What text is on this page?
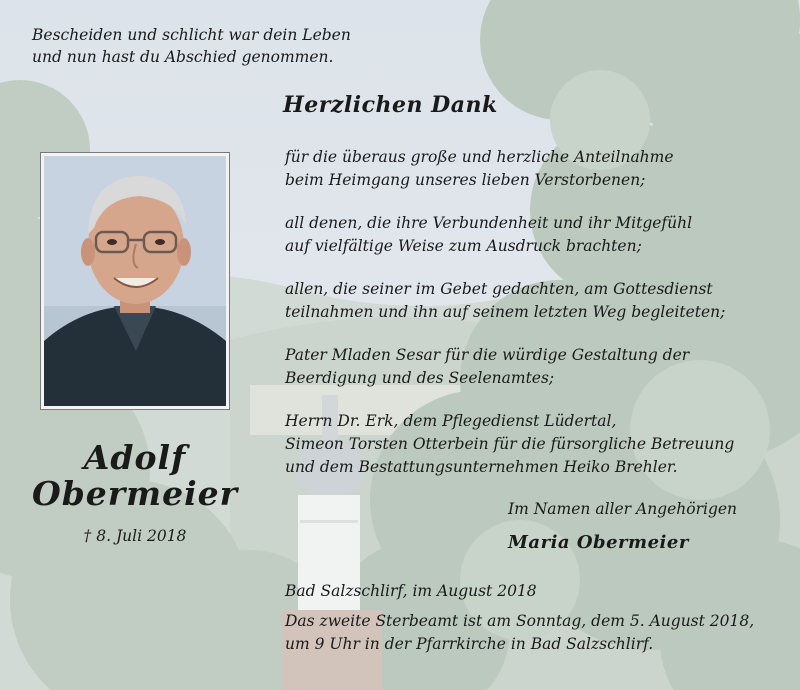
Bescheiden und schlicht war dein Leben
und nun hast du Abschied genommen.
Herzlichen Dank
für die überaus große und herzliche Anteilnahme
beim Heimgang unseres lieben Verstorbenen;
all denen, die ihre Verbundenheit und ihr Mitgefühl
auf vielfältige Weise zum Ausdruck brachten;
allen, die seiner im Gebet gedachten, am Gottesdienst
teilnahmen und ihn auf seinem letzten Weg begleiteten;
Pater Mladen Sesar für die würdige Gestaltung der
Beerdigung und des Seelenamtes;
Herrn Dr. Erk, dem Pflegedienst Lüdertal,
Simeon Torsten Otterbein für die fürsorgliche Betreuung
und dem Bestattungsunternehmen Heiko Brehler.
Adolf
Obermeier
† 8. Juli 2018
Im Namen aller Angehörigen
Maria Obermeier
Bad Salzschlirf, im August 2018
Das zweite Sterbeamt ist am Sonntag, dem 5. August 2018,
um 9 Uhr in der Pfarrkirche in Bad Salzschlirf.
